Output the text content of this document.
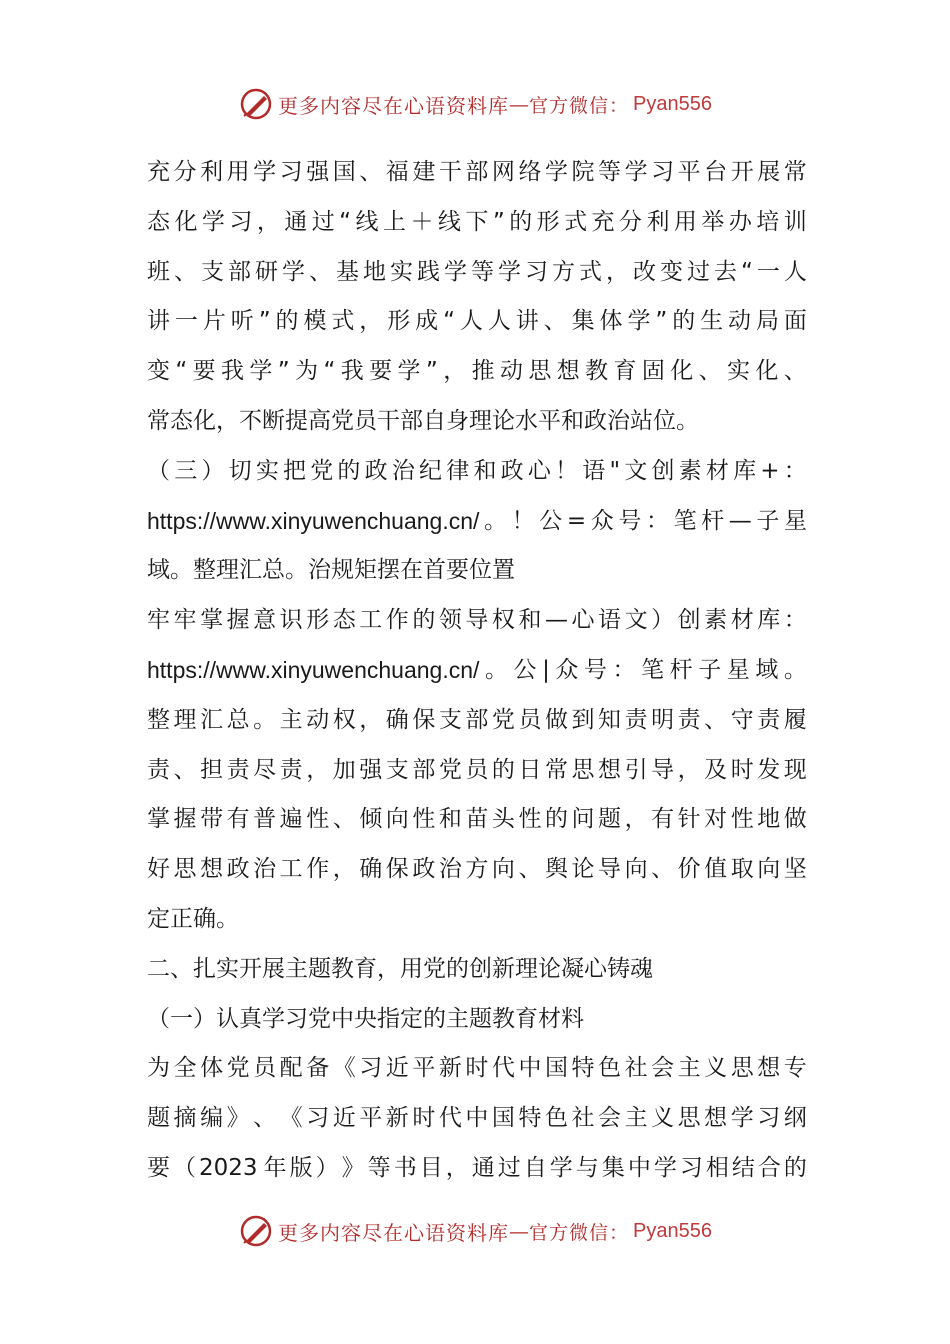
更多内容尽在心语资料库 — 官方微信： Pyan556
充 分 利 用 学 习 强 国 、 福 建 干 部 网 络 学 院 等 学 习 平 台 开 展 常
态 化 学 习 ， 通 过 “ 线 上 ＋ 线 下 ” 的 形 式 充 分 利 用 举 办 培 训
班 、 支 部 研 学 、 基 地 实 践 学 等 学 习 方 式 ， 改 变 过 去 “ 一 人
讲 一 片 听 ” 的 模 式 ， 形 成 “ 人 人 讲 、 集 体 学 ” 的 生 动 局 面
变 “ 要 我 学 ” 为 “ 我 要 学 ” ， 推 动 思 想 教 育 固 化 、 实 化 、
常态化，不断提高党员干部自身理论水平和政治站位。
（ 三 ） 切 实 把 党 的 政 治 纪 律 和 政 心 ！ 语 " 文 创 素 材 库 + ：
https://www.xinyuwenchuang.cn/ 。 ！ 公 = 众 号 ： 笔 杆 — 子 星
域。整理汇总。治规矩摆在首要位置
牢 牢 掌 握 意 识 形 态 工 作 的 领 导 权 和 — 心 语 文 ） 创 素 材 库 ：
https://www.xinyuwenchuang.cn/ 。 公 | 众 号 ： 笔 杆 子 星 域 。
整 理 汇 总 。 主 动 权 ， 确 保 支 部 党 员 做 到 知 责 明 责 、 守 责 履
责 、 担 责 尽 责 ， 加 强 支 部 党 员 的 日 常 思 想 引 导 ， 及 时 发 现
掌 握 带 有 普 遍 性 、 倾 向 性 和 苗 头 性 的 问 题 ， 有 针 对 性 地 做
好 思 想 政 治 工 作 ， 确 保 政 治 方 向 、 舆 论 导 向 、 价 值 取 向 坚
定正确。
二、扎实开展主题教育，用党的创新理论凝心铸魂
（一）认真学习党中央指定的主题教育材料
为 全 体 党 员 配 备 《 习 近 平 新 时 代 中 国 特 色 社 会 主 义 思 想 专
题 摘 编 》 、 《 习 近 平 新 时 代 中 国 特 色 社 会 主 义 思 想 学 习 纲
要 （ 2023 年 版 ） 》 等 书 目 ， 通 过 自 学 与 集 中 学 习 相 结 合 的
更多内容尽在心语资料库 — 官方微信： Pyan556
